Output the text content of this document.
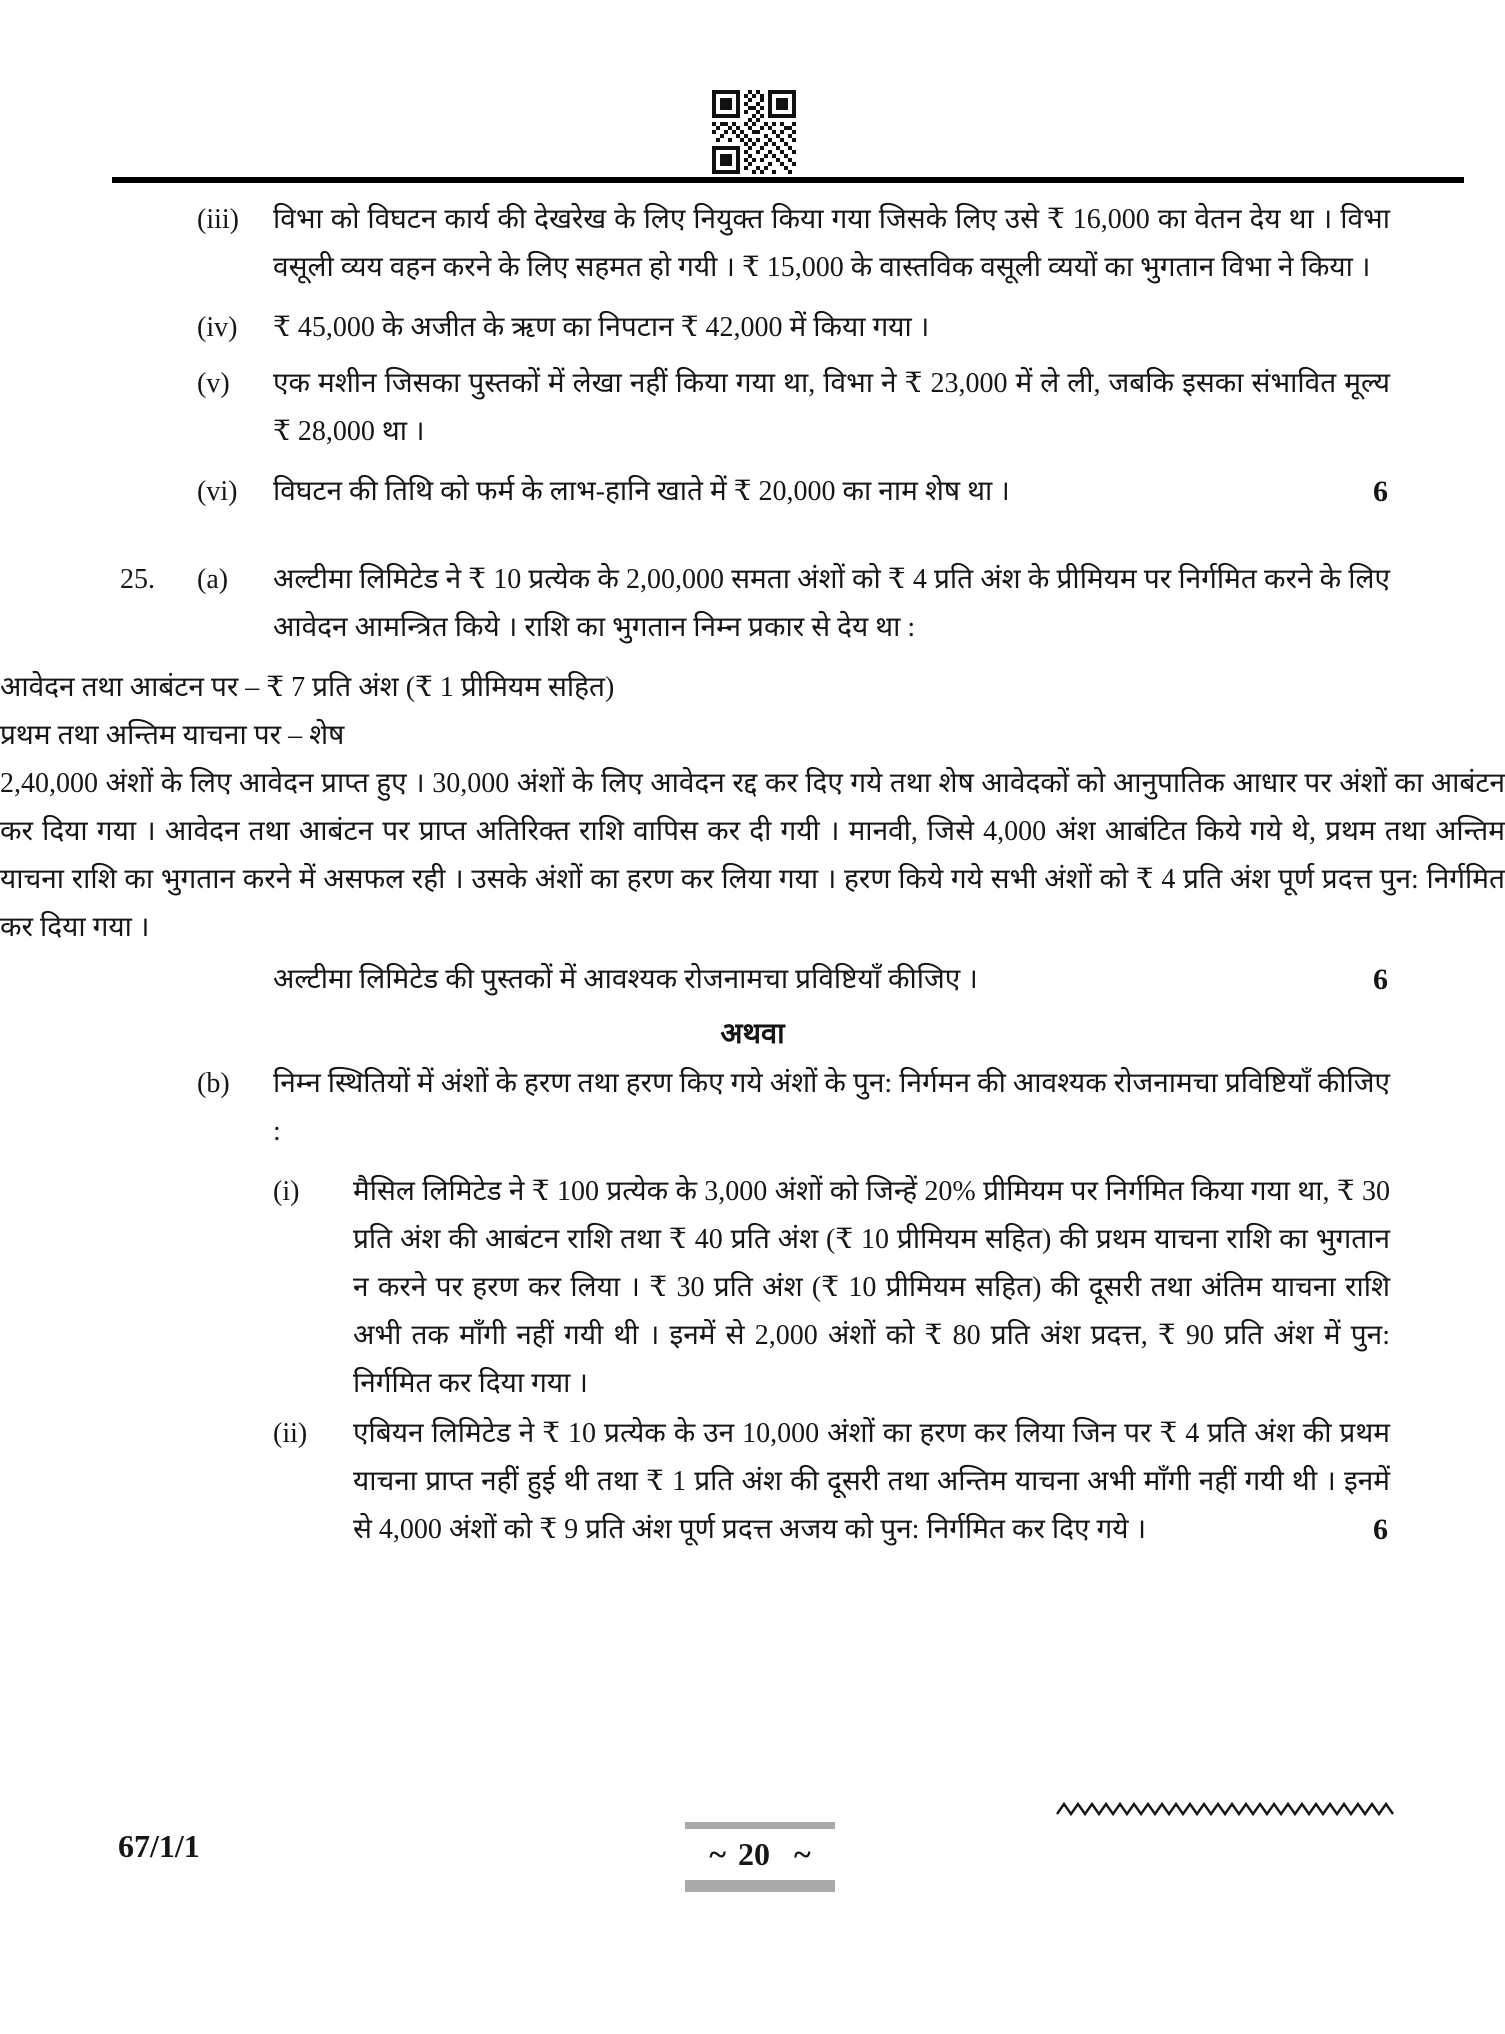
(iii)	विभा को विघटन कार्य की देखरेख के लिए नियुक्त किया गया जिसके लिए उसे ₹ 16,000 का वेतन देय था । विभा वसूली व्यय वहन करने के लिए सहमत हो गयी । ₹ 15,000 के वास्तविक वसूली व्ययों का भुगतान विभा ने किया ।

(iv)	₹ 45,000 के अजीत के ऋण का निपटान ₹ 42,000 में किया गया ।

(v)	एक मशीन जिसका पुस्तकों में लेखा नहीं किया गया था, विभा ने ₹ 23,000 में ले ली, जबकि इसका संभावित मूल्य ₹ 28,000 था ।

(vi)	विघटन की तिथि को फर्म के लाभ-हानि खाते में ₹ 20,000 का नाम शेष था ।	6
25.	(a)	अल्टीमा लिमिटेड ने ₹ 10 प्रत्येक के 2,00,000 समता अंशों को ₹ 4 प्रति अंश के प्रीमियम पर निर्गमित करने के लिए आवेदन आमन्त्रित किये । राशि का भुगतान निम्न प्रकार से देय था :

आवेदन तथा आबंटन पर – ₹ 7 प्रति अंश (₹ 1 प्रीमियम सहित)

प्रथम तथा अन्तिम याचना पर – शेष

2,40,000 अंशों के लिए आवेदन प्राप्त हुए । 30,000 अंशों के लिए आवेदन रद्द कर दिए गये तथा शेष आवेदकों को आनुपातिक आधार पर अंशों का आबंटन कर दिया गया । आवेदन तथा आबंटन पर प्राप्त अतिरिक्त राशि वापिस कर दी गयी । मानवी, जिसे 4,000 अंश आबंटित किये गये थे, प्रथम तथा अन्तिम याचना राशि का भुगतान करने में असफल रही । उसके अंशों का हरण कर लिया गया । हरण किये गये सभी अंशों को ₹ 4 प्रति अंश पूर्ण प्रदत्त पुन: निर्गमित कर दिया गया ।

अल्टीमा लिमिटेड की पुस्तकों में आवश्यक रोजनामचा प्रविष्टियाँ कीजिए ।	6
अथवा
(b)	निम्न स्थितियों में अंशों के हरण तथा हरण किए गये अंशों के पुन: निर्गमन की आवश्यक रोजनामचा प्रविष्टियाँ कीजिए :

(i)	मैसिल लिमिटेड ने ₹ 100 प्रत्येक के 3,000 अंशों को जिन्हें 20% प्रीमियम पर निर्गमित किया गया था, ₹ 30 प्रति अंश की आबंटन राशि तथा ₹ 40 प्रति अंश (₹ 10 प्रीमियम सहित) की प्रथम याचना राशि का भुगतान न करने पर हरण कर लिया । ₹ 30 प्रति अंश (₹ 10 प्रीमियम सहित) की दूसरी तथा अंतिम याचना राशि अभी तक माँगी नहीं गयी थी । इनमें से 2,000 अंशों को ₹ 80 प्रति अंश प्रदत्त, ₹ 90 प्रति अंश में पुन: निर्गमित कर दिया गया ।

(ii)	एबियन लिमिटेड ने ₹ 10 प्रत्येक के उन 10,000 अंशों का हरण कर लिया जिन पर ₹ 4 प्रति अंश की प्रथम याचना प्राप्त नहीं हुई थी तथा ₹ 1 प्रति अंश की दूसरी तथा अन्तिम याचना अभी माँगी नहीं गयी थी । इनमें से 4,000 अंशों को ₹ 9 प्रति अंश पूर्ण प्रदत्त अजय को पुन: निर्गमित कर दिए गये ।	6
67/1/1	~ 20 ~
